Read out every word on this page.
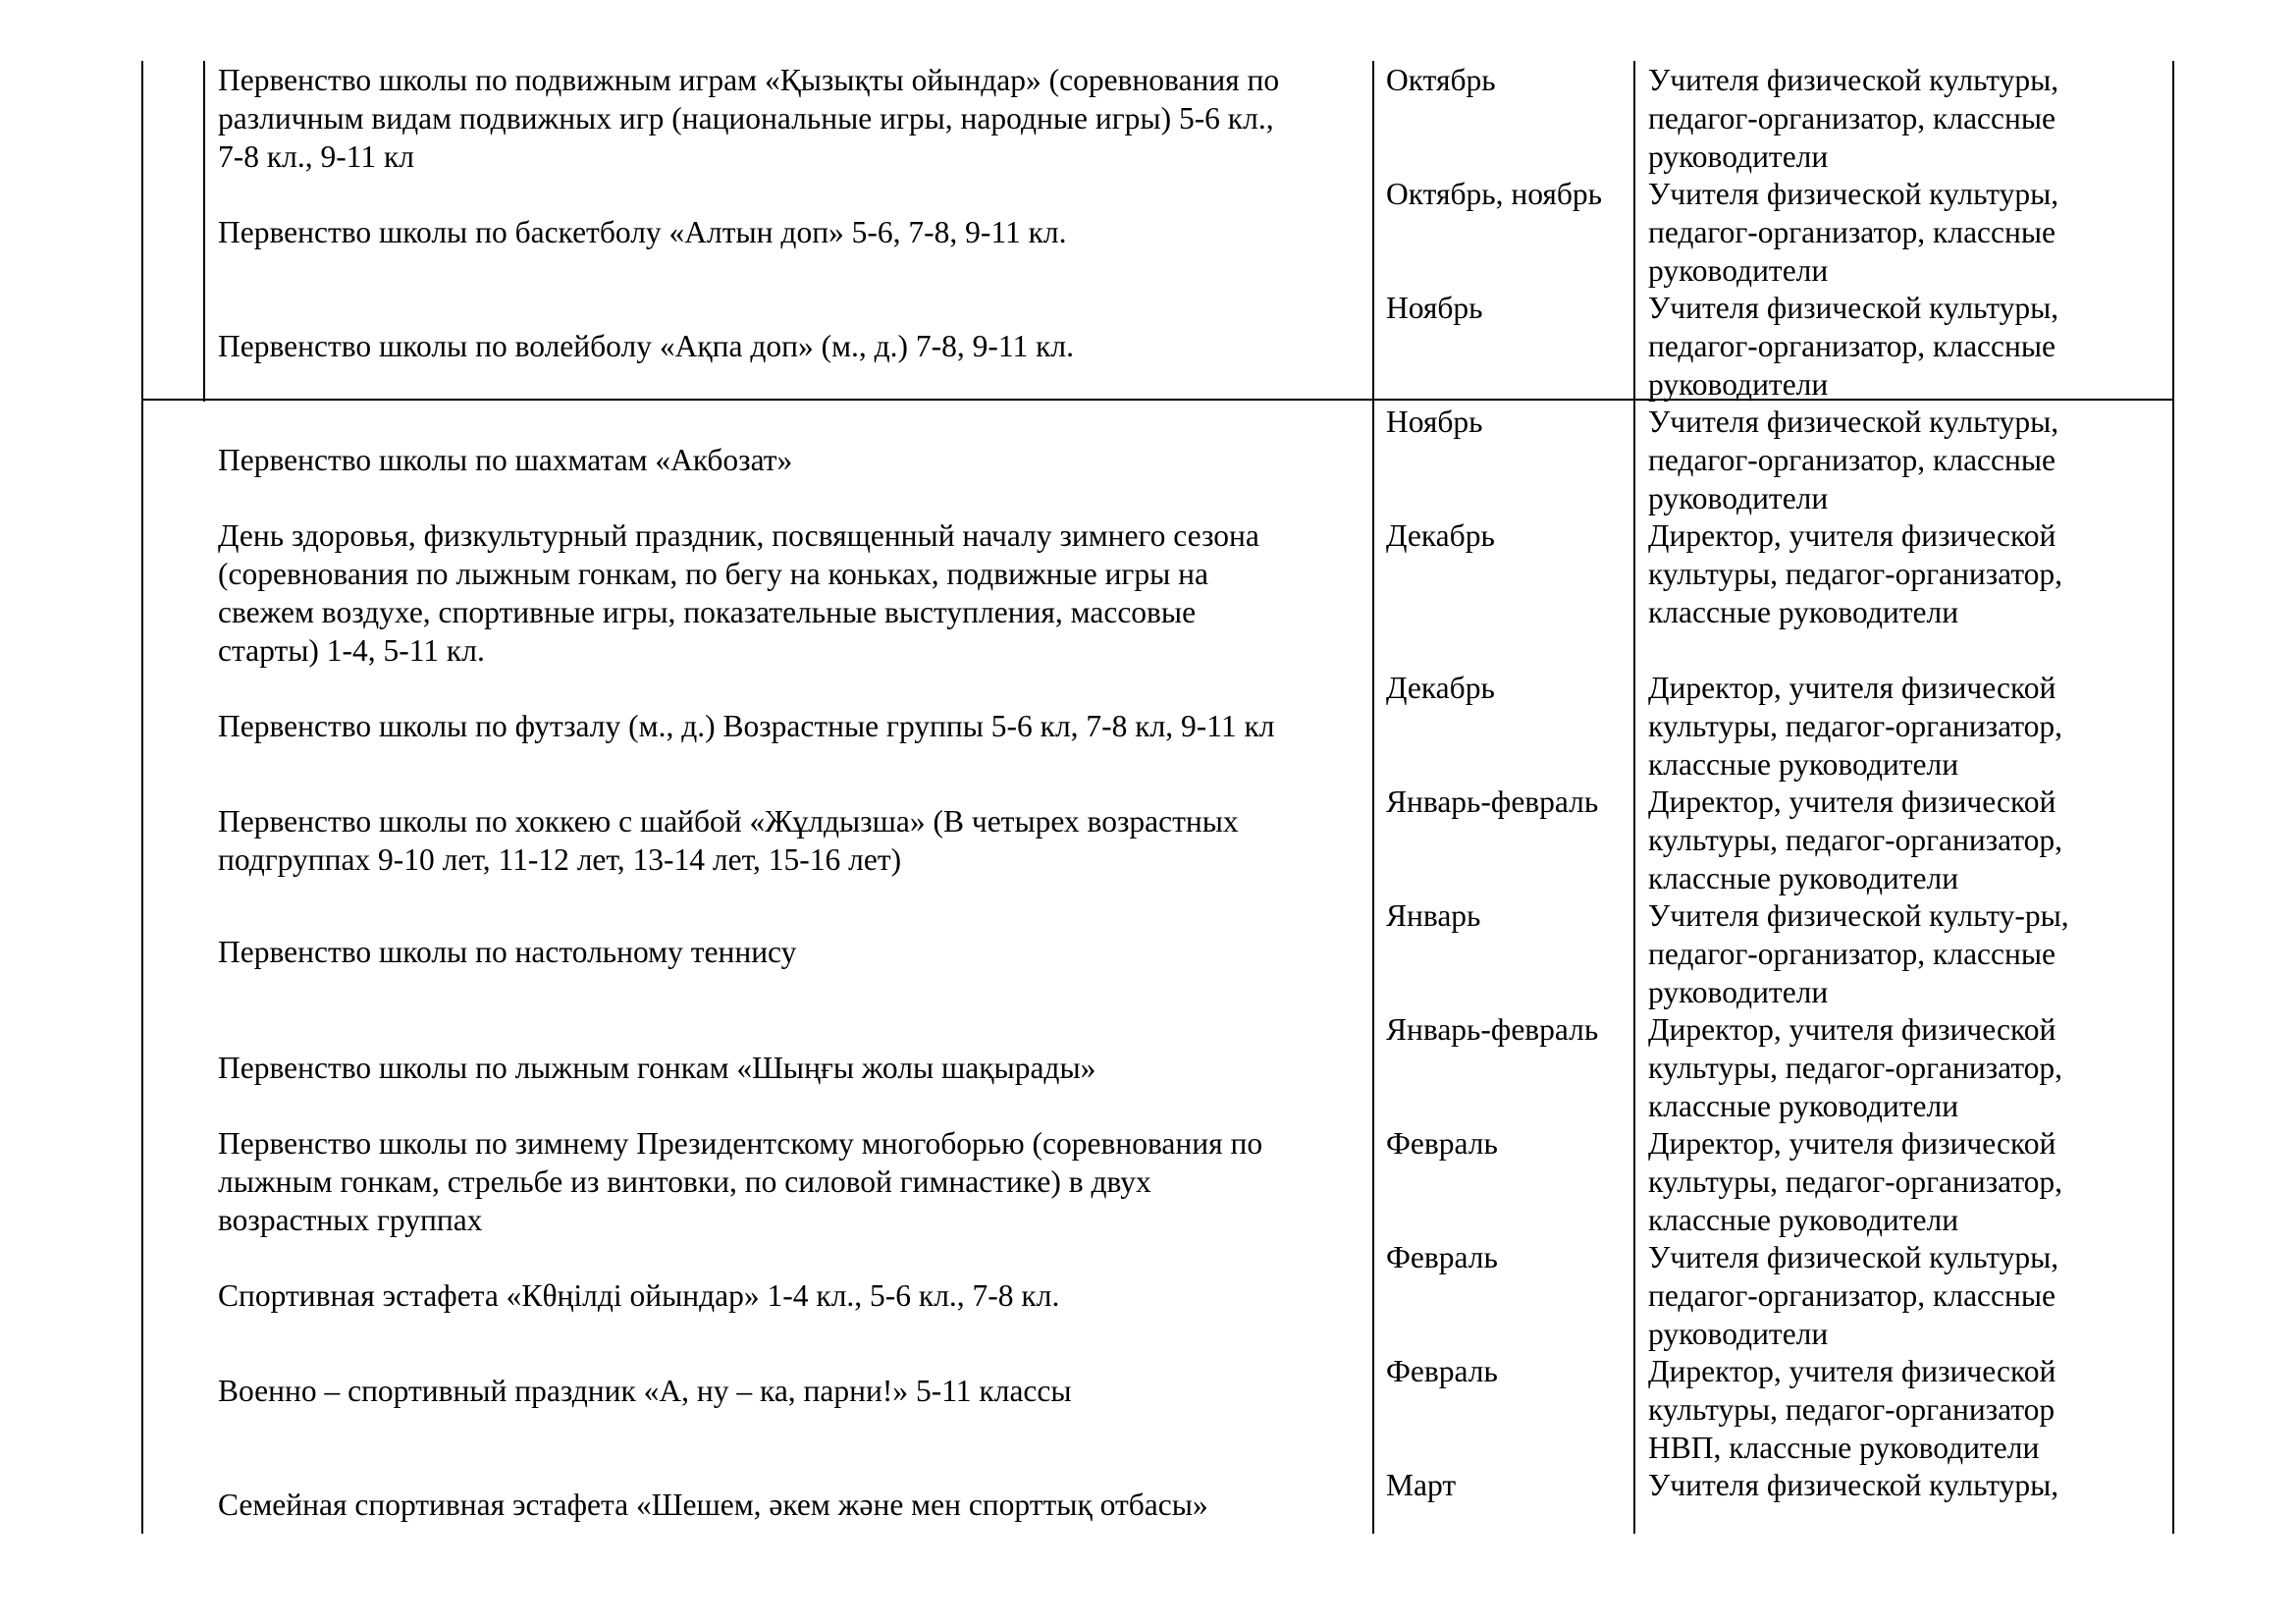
Первенство школы по подвижным играм «Қызықты ойындар» (соревнования по
различным видам подвижных игр (национальные игры, народные игры) 5-6 кл.,
7-8 кл., 9-11 кл
Октябрь	Учителя физической культуры,
педагог-организатор, классные
руководители
Первенство школы по баскетболу «Алтын доп» 5-6, 7-8, 9-11 кл.
Октябрь, ноябрь Учителя физической культуры,
педагог-организатор, классные
руководители
Первенство школы по волейболу «Ақпа доп» (м., д.) 7-8, 9-11 кл.
Ноябрь	Учителя физической культуры,
педагог-организатор, классные
руководители
Первенство школы по шахматам «Акбозат»
Ноябрь	Учителя физической культуры,
педагог-организатор, классные
руководители
День здоровья, физкультурный праздник, посвященный началу зимнего сезона
(соревнования по лыжным гонкам, по бегу на коньках, подвижные игры на
свежем воздухе, спортивные игры, показательные выступления, массовые
старты) 1-4, 5-11 кл.
Декабрь	Директор, учителя физической
культуры, педагог-организатор,
классные руководители
Первенство школы по футзалу (м., д.) Возрастные группы 5-6 кл, 7-8 кл, 9-11 кл
Декабрь	Директор, учителя физической
культуры, педагог-организатор,
классные руководители
Первенство школы по хоккею с шайбой «Жұлдызша» (В четырех возрастных
подгруппах 9-10 лет, 11-12 лет, 13-14 лет, 15-16 лет)
Январь-февраль Директор, учителя физической
культуры, педагог-организатор,
классные руководители
Первенство школы по настольному теннису
Январь	Учителя физической культу-ры,
педагог-организатор, классные
руководители
Первенство школы по лыжным гонкам «Шыңғы жолы шақырады»
Январь-февраль Директор, учителя физической
культуры, педагог-организатор,
классные руководители
Первенство школы по зимнему Президентскому многоборью (соревнования по
лыжным гонкам, стрельбе из винтовки, по силовой гимнастике) в двух
возрастных группах
Февраль	Директор, учителя физической
культуры, педагог-организатор,
классные руководители
Спортивная эстафета «Кθңілді ойындар» 1-4 кл., 5-6 кл., 7-8 кл.
Февраль	Учителя физической культуры,
педагог-организатор, классные
руководители
Военно – спортивный праздник «А, ну – ка, парни!» 5-11 классы
Февраль	Директор, учителя физической
культуры, педагог-организатор
НВП, классные руководители
Семейная спортивная эстафета «Шешем, әкем және мен спорттық отбасы»
Март	Учителя физической культуры,
